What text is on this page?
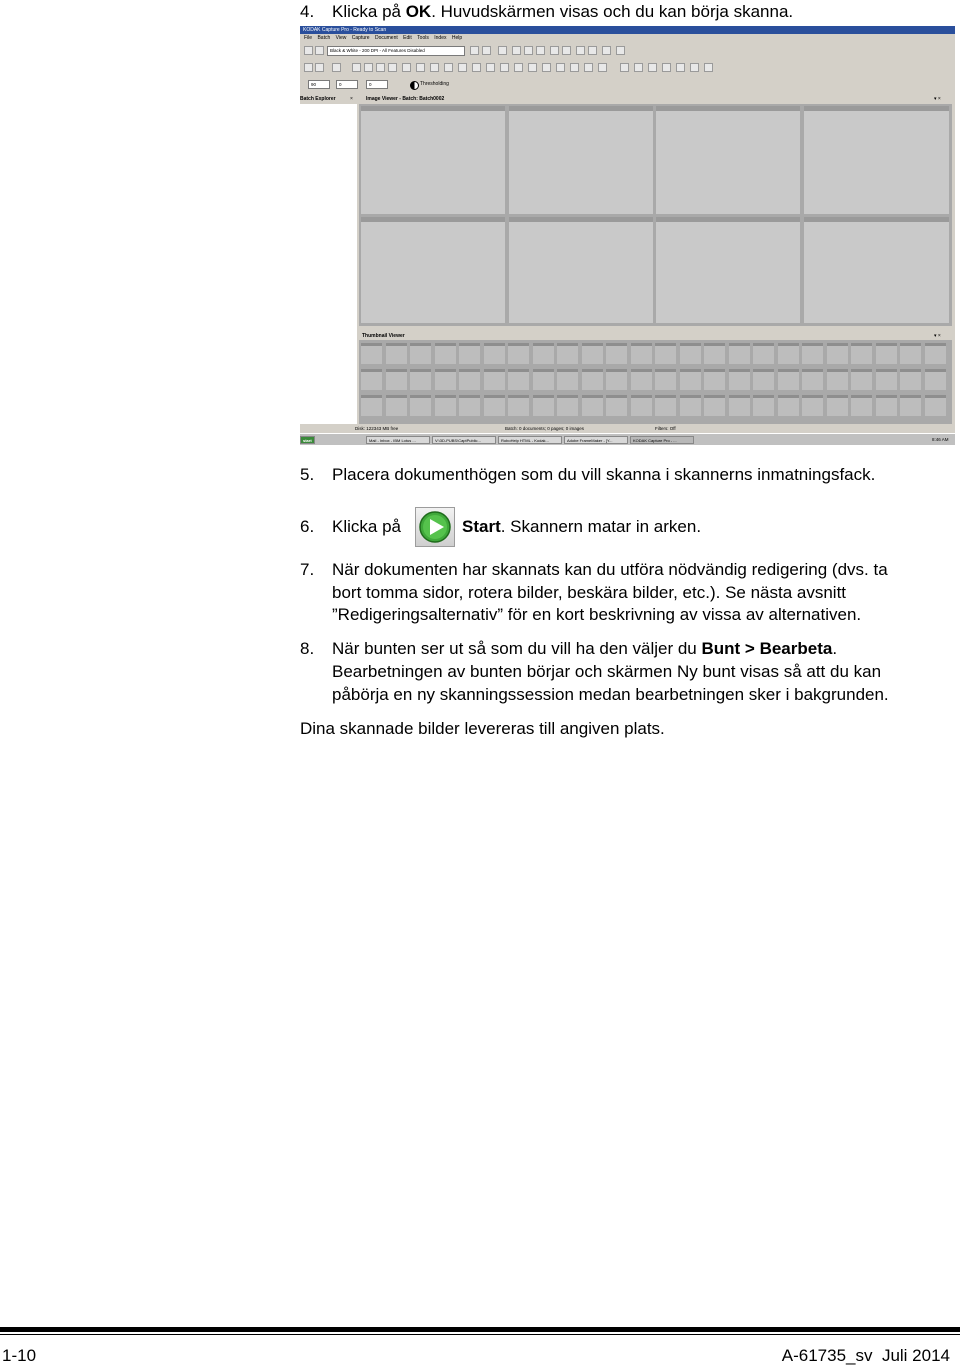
4. Klicka på OK. Huvudskärmen visas och du kan börja skanna.
KODAK Capture Pro - Ready to Scan
File Batch View Capture Document Edit Tools Index Help
Black & White - 200 DPI - All Features Disabled
90	0	0	Thresholding
Batch Explorer	×	Image Viewer - Batch: Batch0002	▾ ×
Thumbnail Viewer	▾ ×
Disk: 122343 MB free	Batch: 0 documents; 0 pages; 0 images	Filters: Off
start	Mail - Inbox - IBM Lotus ...	V:\3D-PUBS\CaptPublic...	RoboHelp HTML - Kodak...	Adobe FrameMaker - [Y...	KODAK Capture Pro - ...	8:46 AM
5. Placera dokumenthögen som du vill skanna i skannerns inmatningsfack.
6. Klicka på	Start. Skannern matar in arken.
7. När dokumenten har skannats kan du utföra nödvändig redigering (dvs. ta
bort tomma sidor, rotera bilder, beskära bilder, etc.). Se nästa avsnitt
”Redigeringsalternativ” för en kort beskrivning av vissa av alternativen.
8. När bunten ser ut så som du vill ha den väljer du Bunt > Bearbeta.
Bearbetningen av bunten börjar och skärmen Ny bunt visas så att du kan
påbörja en ny skanningssession medan bearbetningen sker i bakgrunden.
Dina skannade bilder levereras till angiven plats.
1-10	A-61735_sv  Juli 2014
